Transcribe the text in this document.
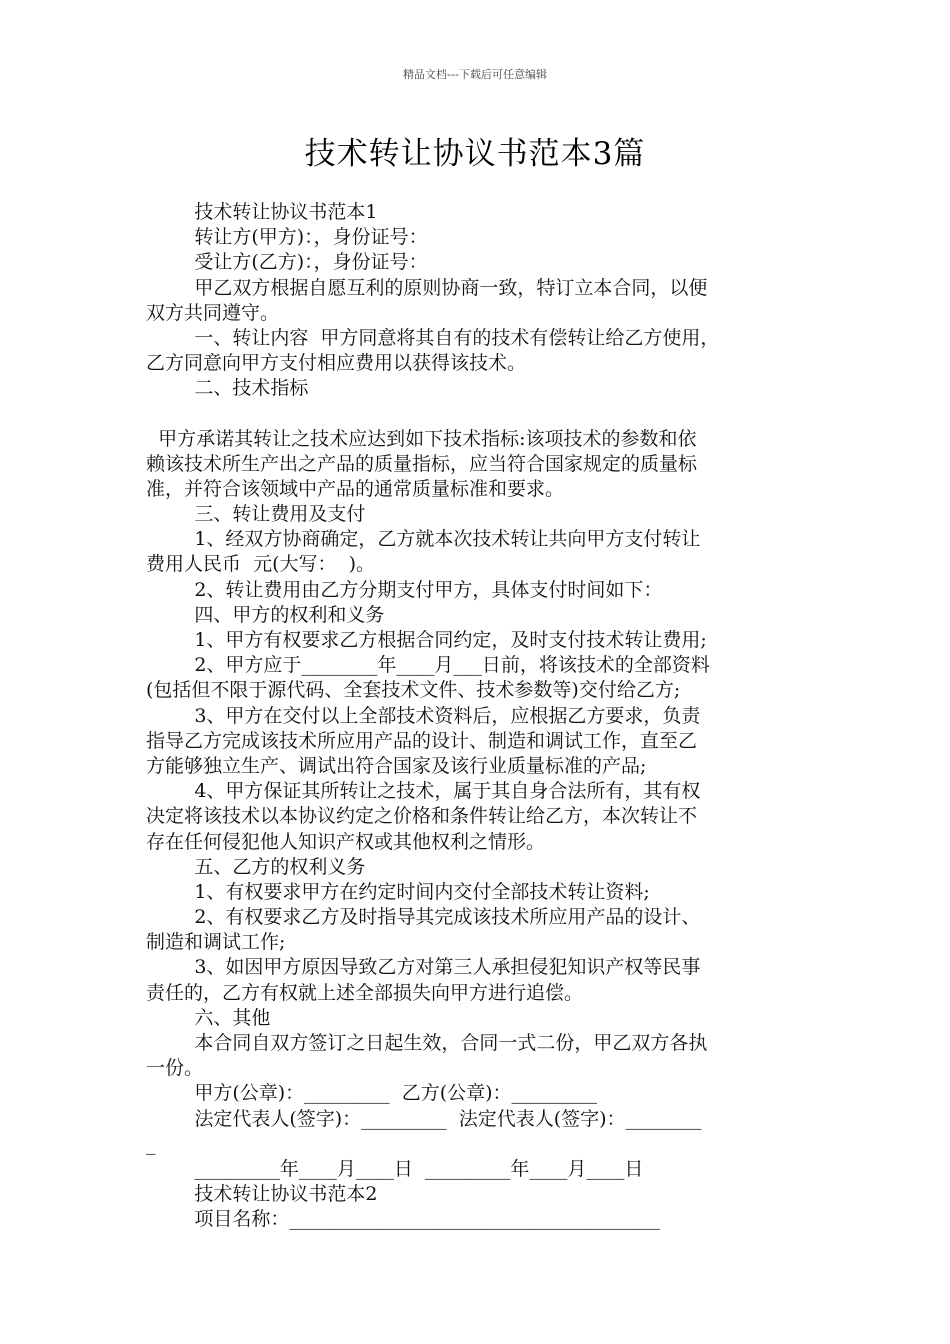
精品文档---下载后可任意编辑
技术转让协议书范本3篇
技术转让协议书范本1
转让方(甲方)：，身份证号：
受让方(乙方)：，身份证号：
甲乙双方根据自愿互利的原则协商一致，特订立本合同，以便
双方共同遵守。
一、转让内容  甲方同意将其自有的技术有偿转让给乙方使用，
乙方同意向甲方支付相应费用以获得该技术。
二、技术指标
甲方承诺其转让之技术应达到如下技术指标:该项技术的参数和依
赖该技术所生产出之产品的质量指标，应当符合国家规定的质量标
准，并符合该领域中产品的通常质量标准和要求。
三、转让费用及支付
1、经双方协商确定，乙方就本次技术转让共向甲方支付转让
费用人民币  元(大写：  )。
2、转让费用由乙方分期支付甲方，具体支付时间如下：
四、甲方的权利和义务
1、甲方有权要求乙方根据合同约定，及时支付技术转让费用;
2、甲方应于________年____月___日前，将该技术的全部资料
(包括但不限于源代码、全套技术文件、技术参数等)交付给乙方;
3、甲方在交付以上全部技术资料后，应根据乙方要求，负责
指导乙方完成该技术所应用产品的设计、制造和调试工作，直至乙
方能够独立生产、调试出符合国家及该行业质量标准的产品;
4、甲方保证其所转让之技术，属于其自身合法所有，其有权
决定将该技术以本协议约定之价格和条件转让给乙方，本次转让不
存在任何侵犯他人知识产权或其他权利之情形。
五、乙方的权利义务
1、有权要求甲方在约定时间内交付全部技术转让资料;
2、有权要求乙方及时指导其完成该技术所应用产品的设计、
制造和调试工作;
3、如因甲方原因导致乙方对第三人承担侵犯知识产权等民事
责任的，乙方有权就上述全部损失向甲方进行追偿。
六、其他
本合同自双方签订之日起生效，合同一式二份，甲乙双方各执
一份。
甲方(公章)：_________  乙方(公章)：_________
法定代表人(签字)：_________  法定代表人(签字)：________
_
_________年____月____日  _________年____月____日
技术转让协议书范本2
项目名称：_______________________________________
